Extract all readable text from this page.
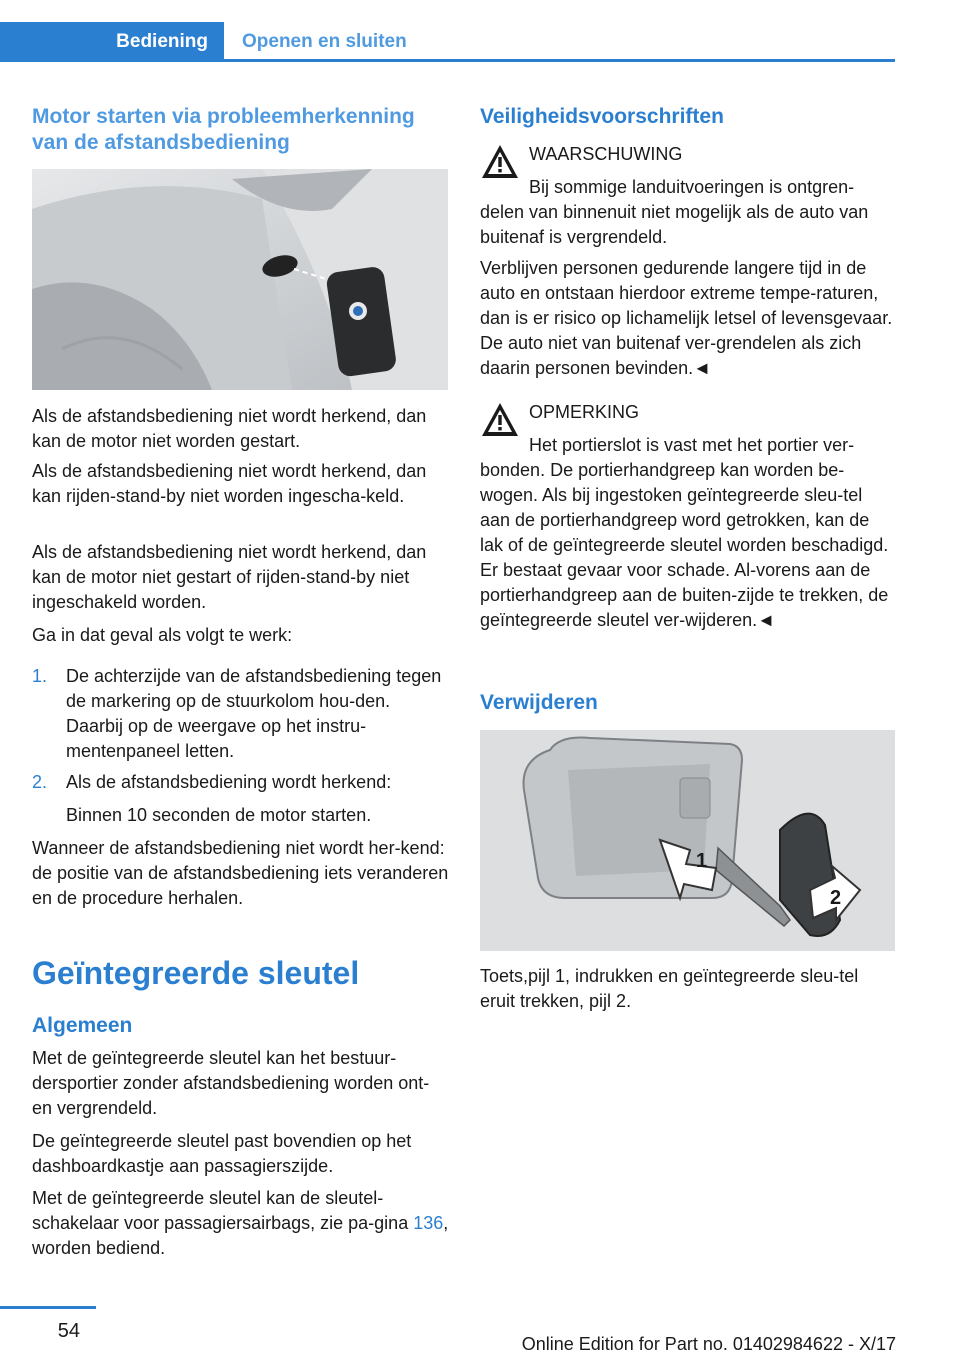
Bediening	Openen en sluiten
Motor starten via probleemherkenning van de afstandsbediening

Als de afstandsbediening niet wordt herkend, dan kan de motor niet worden gestart.

Als de afstandsbediening niet wordt herkend, dan kan rijden-stand-by niet worden ingescha-keld.

Als de afstandsbediening niet wordt herkend, dan kan de motor niet gestart of rijden-stand-by niet ingeschakeld worden.

Ga in dat geval als volgt te werk:

1. De achterzijde van de afstandsbediening tegen de markering op de stuurkolom hou-den. Daarbij op de weergave op het instru-mentenpaneel letten.
2. Als de afstandsbediening wordt herkend:

Binnen 10 seconden de motor starten.

Wanneer de afstandsbediening niet wordt her-kend: de positie van de afstandsbediening iets veranderen en de procedure herhalen.

Geïntegreerde sleutel
Algemeen

Met de geïntegreerde sleutel kan het bestuur-dersportier zonder afstandsbediening worden ont- en vergrendeld.

De geïntegreerde sleutel past bovendien op het dashboardkastje aan passagierszijde.

Met de geïntegreerde sleutel kan de sleutel-schakelaar voor passagiersairbags, zie pa-gina 136, worden bediend.

Veiligheidsvoorschriften
WAARSCHUWING

Bij sommige landuitvoeringen is ontgren-delen van binnenuit niet mogelijk als de auto van buitenaf is vergrendeld.

Verblijven personen gedurende langere tijd in de auto en ontstaan hierdoor extreme tempe-raturen, dan is er risico op lichamelijk letsel of levensgevaar. De auto niet van buitenaf ver-grendelen als zich daarin personen bevinden.◄

OPMERKING

Het portierslot is vast met het portier ver-bonden. De portierhandgreep kan worden be-wogen. Als bij ingestoken geïntegreerde sleu-tel aan de portierhandgreep word getrokken, kan de lak of de geïntegreerde sleutel worden beschadigd. Er bestaat gevaar voor schade. Al-vorens aan de portierhandgreep aan de buiten-zijde te trekken, de geïntegreerde sleutel ver-wijderen.◄

Verwijderen
1
2

Toets,pijl 1, indrukken en geïntegreerde sleu-tel eruit trekken, pijl 2.

54
Online Edition for Part no. 01402984622 - X/17
